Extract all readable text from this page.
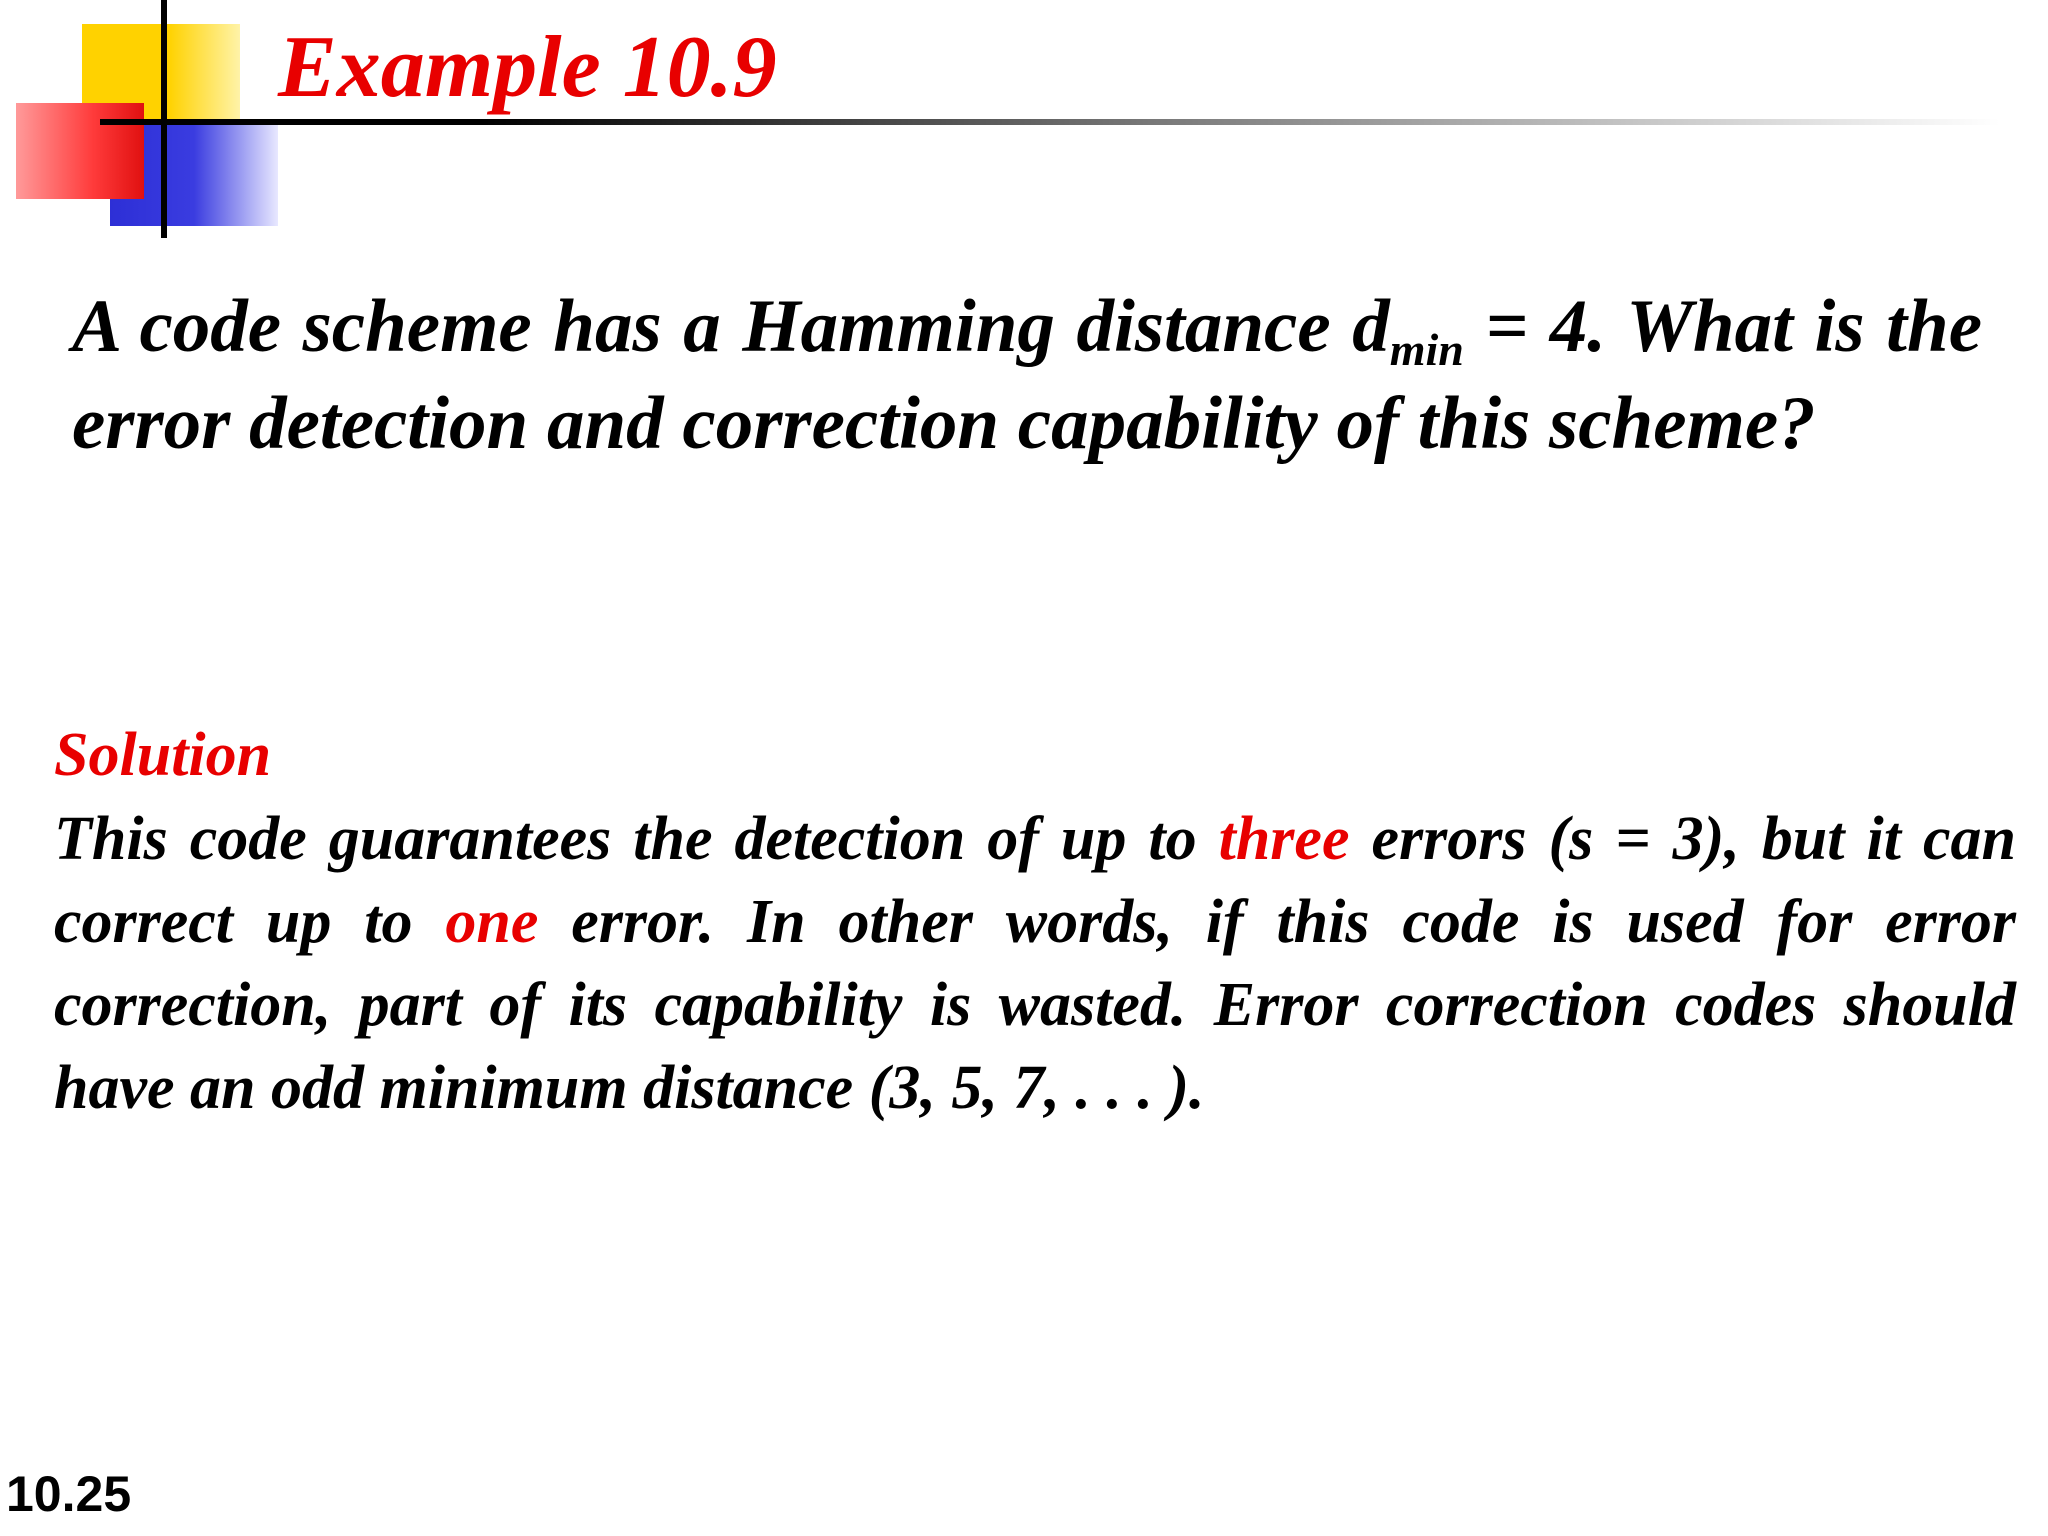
Example 10.9

A code scheme has a Hamming distance $d_{min} = 4$. What is the error detection and correction capability of this scheme?

Solution

This code guarantees the detection of up to three errors (s = 3), but it can correct up to one error. In other words, if this code is used for error correction, part of its capability is wasted. Error correction codes should have an odd minimum distance (3, 5, 7, . . . ).

10.25
